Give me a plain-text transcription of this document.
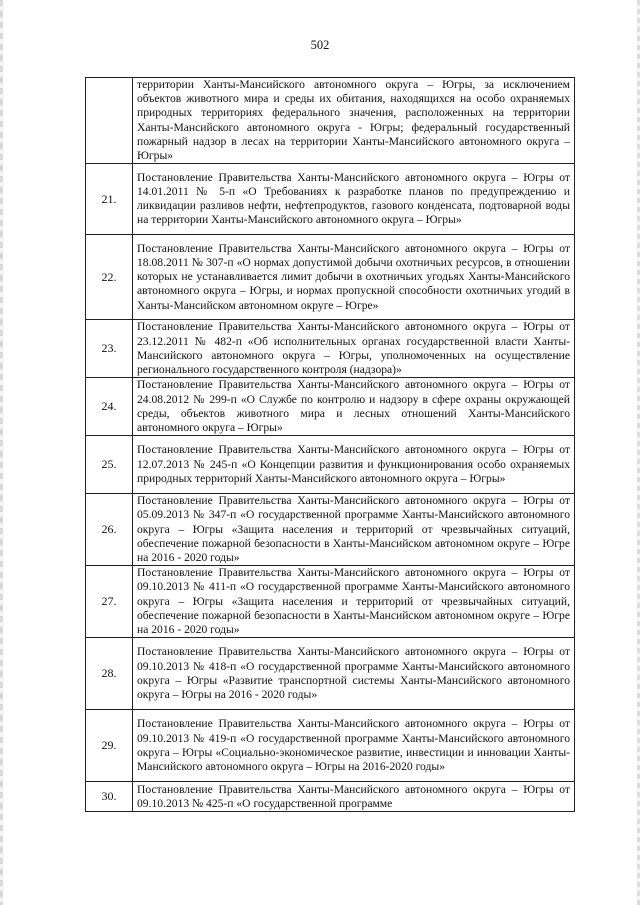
502
	территории Ханты-Мансийского автономного округа – Югры, за исключением объектов животного мира и среды их обитания, находящихся на особо охраняемых природных территориях федерального значения, расположенных на территории Ханты-Мансийского автономного округа - Югры; федеральный государственный пожарный надзор в лесах на территории Ханты-Мансийского автономного округа – Югры»
21.	Постановление Правительства Ханты-Мансийского автономного округа – Югры от 14.01.2011 № 5-п «О Требованиях к разработке планов по предупреждению и ликвидации разливов нефти, нефтепродуктов, газового конденсата, подтоварной воды на территории Ханты-Мансийского автономного округа – Югры»
22.	Постановление Правительства Ханты-Мансийского автономного округа – Югры от 18.08.2011 № 307-п «О нормах допустимой добычи охотничьих ресурсов, в отношении которых не устанавливается лимит добычи в охотничьих угодьях Ханты-Мансийского автономного округа – Югры, и нормах пропускной способности охотничьих угодий в Ханты-Мансийском автономном округе – Югре»
23.	Постановление Правительства Ханты-Мансийского автономного округа – Югры от 23.12.2011 № 482-п «Об исполнительных органах государственной власти Ханты-Мансийского автономного округа – Югры, уполномоченных на осуществление регионального государственного контроля (надзора)»
24.	Постановление Правительства Ханты-Мансийского автономного округа – Югры от 24.08.2012 № 299-п «О Службе по контролю и надзору в сфере охраны окружающей среды, объектов животного мира и лесных отношений Ханты-Мансийского автономного округа – Югры»
25.	Постановление Правительства Ханты-Мансийского автономного округа – Югры от 12.07.2013 № 245-п «О Концепции развития и функционирования особо охраняемых природных территорий Ханты-Мансийского автономного округа – Югры»
26.	Постановление Правительства Ханты-Мансийского автономного округа – Югры от 05.09.2013 № 347-п «О государственной программе Ханты-Мансийского автономного округа – Югры «Защита населения и территорий от чрезвычайных ситуаций, обеспечение пожарной безопасности в Ханты-Мансийском автономном округе – Югре на 2016 - 2020 годы»
27.	Постановление Правительства Ханты-Мансийского автономного округа – Югры от 09.10.2013 № 411-п «О государственной программе Ханты-Мансийского автономного округа – Югры «Защита населения и территорий от чрезвычайных ситуаций, обеспечение пожарной безопасности в Ханты-Мансийском автономном округе – Югре на 2016 - 2020 годы»
28.	Постановление Правительства Ханты-Мансийского автономного округа – Югры от 09.10.2013 № 418-п «О государственной программе Ханты-Мансийского автономного округа – Югры «Развитие транспортной системы Ханты-Мансийского автономного округа – Югры на 2016 - 2020 годы»
29.	Постановление Правительства Ханты-Мансийского автономного округа – Югры от 09.10.2013 № 419-п «О государственной программе Ханты-Мансийского автономного округа – Югры «Социально-экономическое развитие, инвестиции и инновации Ханты-Мансийского автономного округа – Югры на 2016-2020 годы»
30.	Постановление Правительства Ханты-Мансийского автономного округа – Югры от 09.10.2013 № 425-п «О государственной программе
